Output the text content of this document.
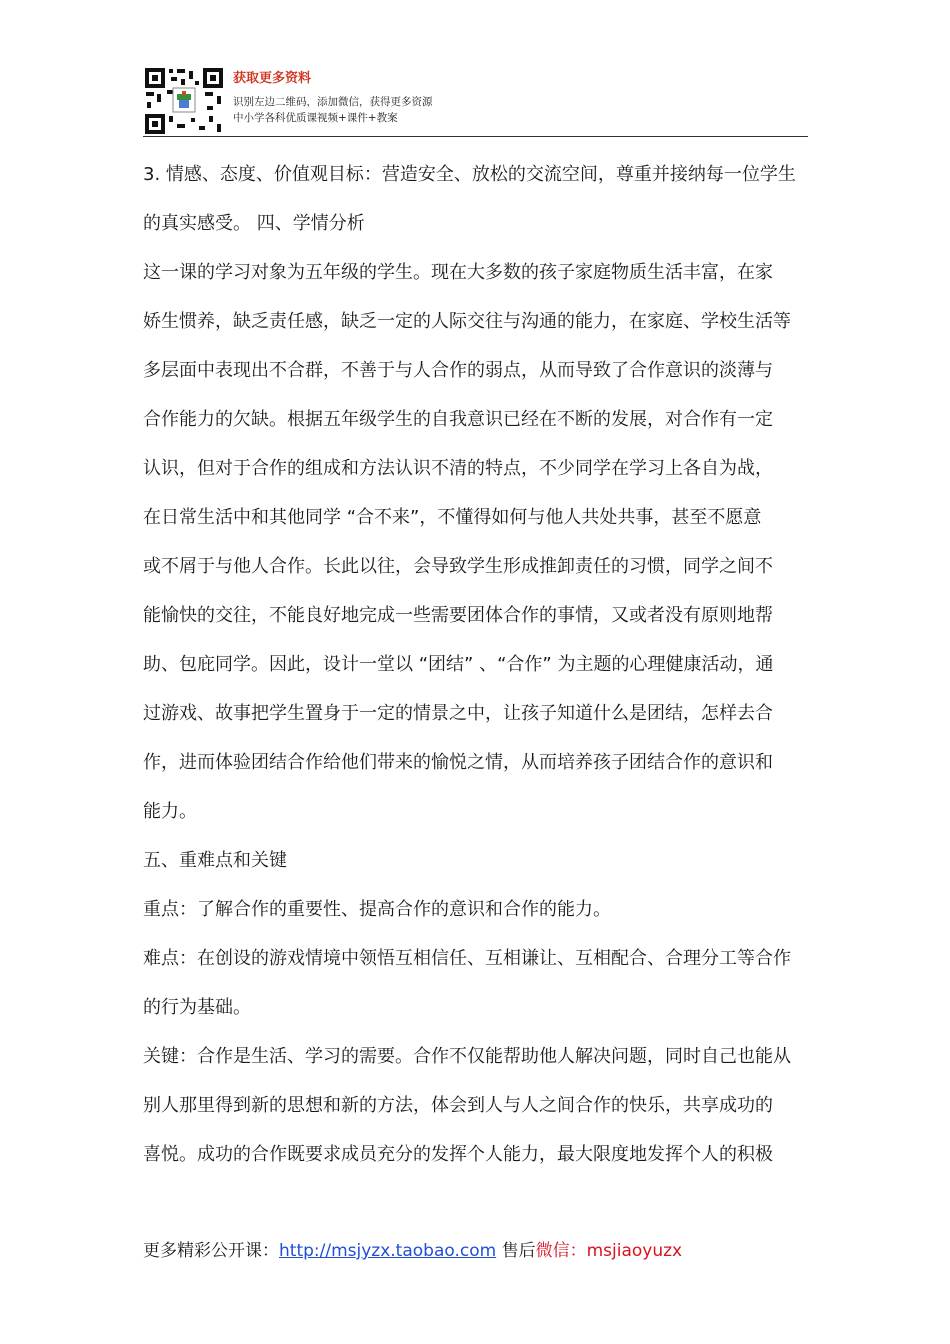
获取更多资料
识别左边二维码，添加微信，获得更多资源
中小学各科优质课视频+课件+教案

3. 情感、态度、价值观目标：营造安全、放松的交流空间，尊重并接纳每一位学生

的真实感受。 四、学情分析

这一课的学习对象为五年级的学生。现在大多数的孩子家庭物质生活丰富，在家

娇生惯养，缺乏责任感，缺乏一定的人际交往与沟通的能力，在家庭、学校生活等

多层面中表现出不合群，不善于与人合作的弱点，从而导致了合作意识的淡薄与

合作能力的欠缺。根据五年级学生的自我意识已经在不断的发展，对合作有一定

认识，但对于合作的组成和方法认识不清的特点，不少同学在学习上各自为战，

在日常生活中和其他同学 “合不来”，不懂得如何与他人共处共事，甚至不愿意

或不屑于与他人合作。长此以往，会导致学生形成推卸责任的习惯，同学之间不

能愉快的交往，不能良好地完成一些需要团体合作的事情，又或者没有原则地帮

助、包庇同学。因此，设计一堂以 “团结” 、“合作” 为主题的心理健康活动，通

过游戏、故事把学生置身于一定的情景之中，让孩子知道什么是团结，怎样去合

作，进而体验团结合作给他们带来的愉悦之情，从而培养孩子团结合作的意识和

能力。

五、重难点和关键

重点：了解合作的重要性、提高合作的意识和合作的能力。

难点：在创设的游戏情境中领悟互相信任、互相谦让、互相配合、合理分工等合作

的行为基础。

关键：合作是生活、学习的需要。合作不仅能帮助他人解决问题，同时自己也能从

别人那里得到新的思想和新的方法，体会到人与人之间合作的快乐，共享成功的

喜悦。成功的合作既要求成员充分的发挥个人能力，最大限度地发挥个人的积极

更多精彩公开课：http://msjyzx.taobao.com 售后微信：msjiaoyuzx
